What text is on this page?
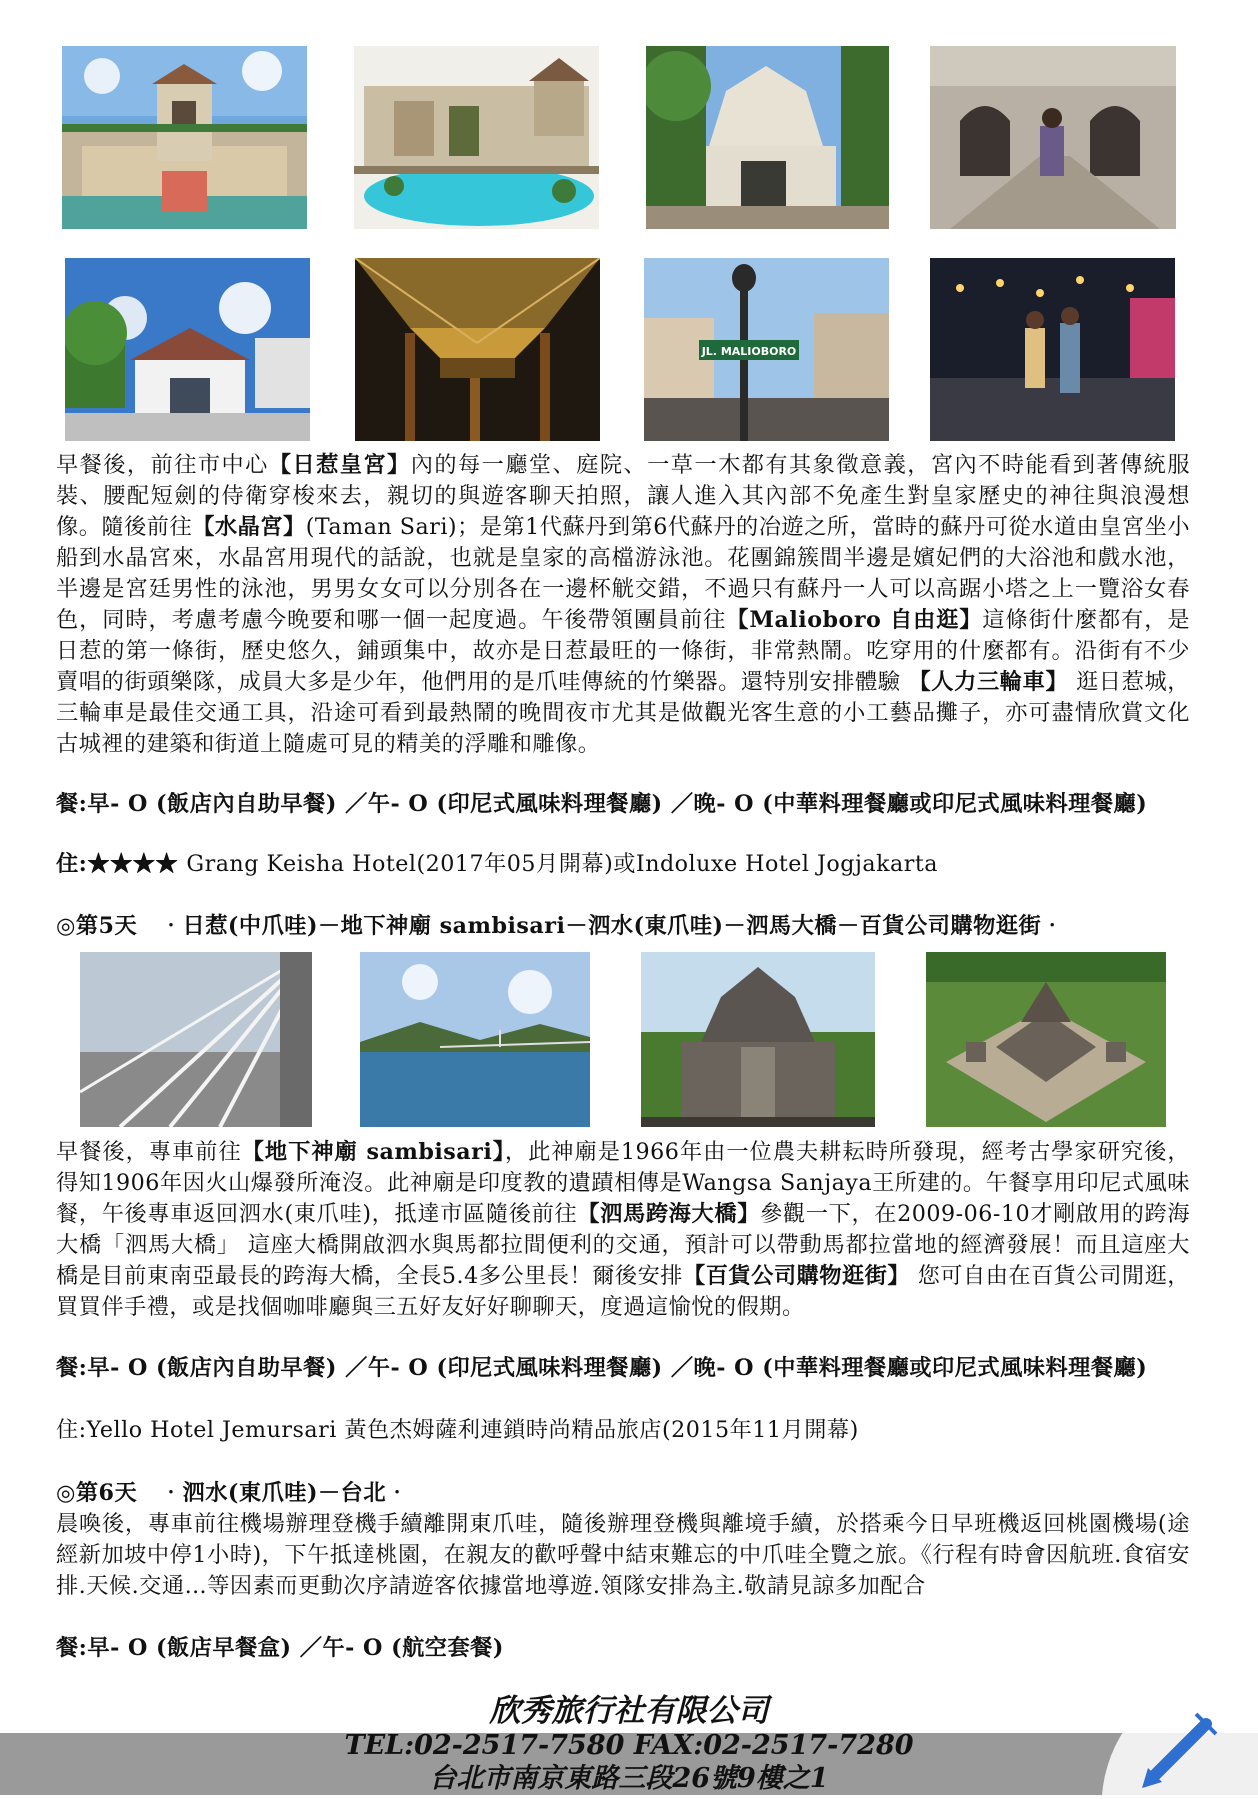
JL. MALIOBORO

早餐後，前往市中心【日惹皇宮】內的每一廳堂、庭院、一草一木都有其象徵意義，宮內不時能看到著傳統服裝、腰配短劍的侍衛穿梭來去，親切的與遊客聊天拍照，讓人進入其內部不免產生對皇家歷史的神往與浪漫想像。隨後前往【水晶宮】(Taman Sari)；是第1代蘇丹到第6代蘇丹的冶遊之所，當時的蘇丹可從水道由皇宮坐小船到水晶宮來，水晶宮用現代的話說，也就是皇家的高檔游泳池。花團錦簇間半邊是嬪妃們的大浴池和戲水池，半邊是宮廷男性的泳池，男男女女可以分別各在一邊杯觥交錯，不過只有蘇丹一人可以高踞小塔之上一覽浴女春色，同時，考慮考慮今晚要和哪一個一起度過。午後帶領團員前往【Malioboro 自由逛】這條街什麼都有，是日惹的第一條街，歷史悠久，鋪頭集中，故亦是日惹最旺的一條街，非常熱鬧。吃穿用的什麼都有。沿街有不少賣唱的街頭樂隊，成員大多是少年，他們用的是爪哇傳統的竹樂器。還特別安排體驗 【人力三輪車】 逛日惹城，三輪車是最佳交通工具，沿途可看到最熱鬧的晚間夜市尤其是做觀光客生意的小工藝品攤子，亦可盡情欣賞文化古城裡的建築和街道上隨處可見的精美的浮雕和雕像。

餐:早- O (飯店內自助早餐) ／午- O (印尼式風味料理餐廳) ／晚- O (中華料理餐廳或印尼式風味料理餐廳)

住:★★★★ Grang Keisha Hotel(2017年05月開幕)或Indoluxe Hotel Jogjakarta
◎第5天　‧日惹(中爪哇)－地下神廟 sambisari－泗水(東爪哇)－泗馬大橋－百貨公司購物逛街‧

早餐後，專車前往【地下神廟 sambisari】，此神廟是1966年由一位農夫耕耘時所發現，經考古學家研究後，得知1906年因火山爆發所淹沒。此神廟是印度教的遺蹟相傳是Wangsa Sanjaya王所建的。午餐享用印尼式風味餐，午後專車返回泗水(東爪哇)，抵達市區隨後前往【泗馬跨海大橋】參觀一下，在2009-06-10才剛啟用的跨海大橋「泗馬大橋」 這座大橋開啟泗水與馬都拉間便利的交通，預計可以帶動馬都拉當地的經濟發展！而且這座大橋是目前東南亞最長的跨海大橋，全長5.4多公里長！爾後安排【百貨公司購物逛街】 您可自由在百貨公司閒逛，買買伴手禮，或是找個咖啡廳與三五好友好好聊聊天，度過這愉悅的假期。

餐:早- O (飯店內自助早餐) ／午- O (印尼式風味料理餐廳) ／晚- O (中華料理餐廳或印尼式風味料理餐廳)

住:Yello Hotel Jemursari 黃色杰姆薩利連鎖時尚精品旅店(2015年11月開幕)
◎第6天　‧泗水(東爪哇)－台北‧

晨喚後，專車前往機場辦理登機手續離開東爪哇，隨後辦理登機與離境手續，於搭乘今日早班機返回桃園機場(途經新加坡中停1小時)，下午抵達桃園，在親友的歡呼聲中結束難忘的中爪哇全覽之旅。《行程有時會因航班.食宿安排.天候.交通…等因素而更動次序請遊客依據當地導遊.領隊安排為主.敬請見諒多加配合

餐:早- O (飯店早餐盒) ／午- O (航空套餐)
欣秀旅行社有限公司
TEL:02-2517-7580 FAX:02-2517-7280
台北市南京東路三段26號9樓之1
